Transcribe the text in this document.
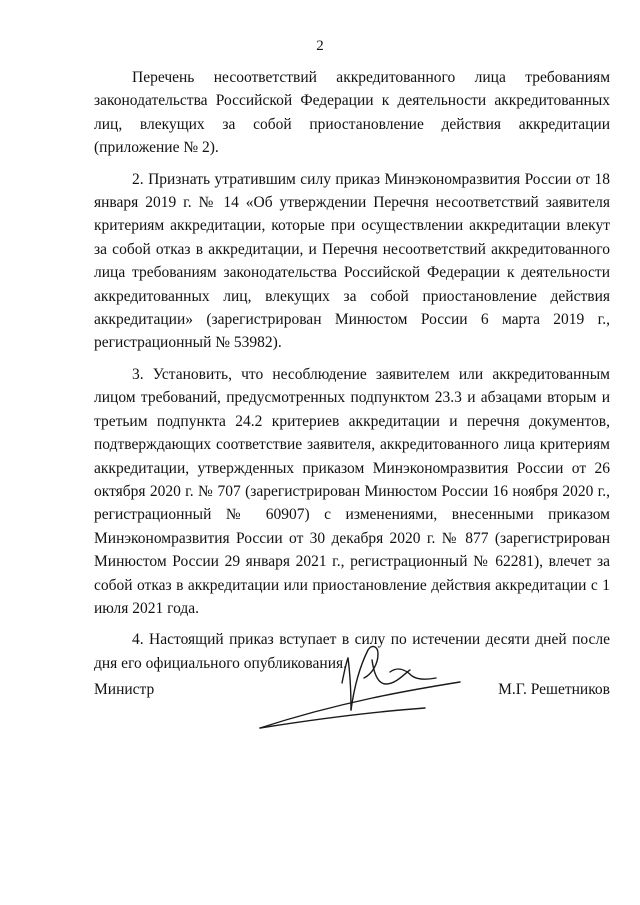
2

Перечень несоответствий аккредитованного лица требованиям законодательства Российской Федерации к деятельности аккредитованных лиц, влекущих за собой приостановление действия аккредитации (приложение № 2).

2. Признать утратившим силу приказ Минэкономразвития России от 18 января 2019 г. № 14 «Об утверждении Перечня несоответствий заявителя критериям аккредитации, которые при осуществлении аккредитации влекут за собой отказ в аккредитации, и Перечня несоответствий аккредитованного лица требованиям законодательства Российской Федерации к деятельности аккредитованных лиц, влекущих за собой приостановление действия аккредитации» (зарегистрирован Минюстом России 6 марта 2019 г., регистрационный № 53982).

3. Установить, что несоблюдение заявителем или аккредитованным лицом требований, предусмотренных подпунктом 23.3 и абзацами вторым и третьим подпункта 24.2 критериев аккредитации и перечня документов, подтверждающих соответствие заявителя, аккредитованного лица критериям аккредитации, утвержденных приказом Минэкономразвития России от 26 октября 2020 г. № 707 (зарегистрирован Минюстом России 16 ноября 2020 г., регистрационный № 60907) с изменениями, внесенными приказом Минэкономразвития России от 30 декабря 2020 г. № 877 (зарегистрирован Минюстом России 29 января 2021 г., регистрационный № 62281), влечет за собой отказ в аккредитации или приостановление действия аккредитации с 1 июля 2021 года.

4. Настоящий приказ вступает в силу по истечении десяти дней после дня его официального опубликования.

Министр	М.Г. Решетников
